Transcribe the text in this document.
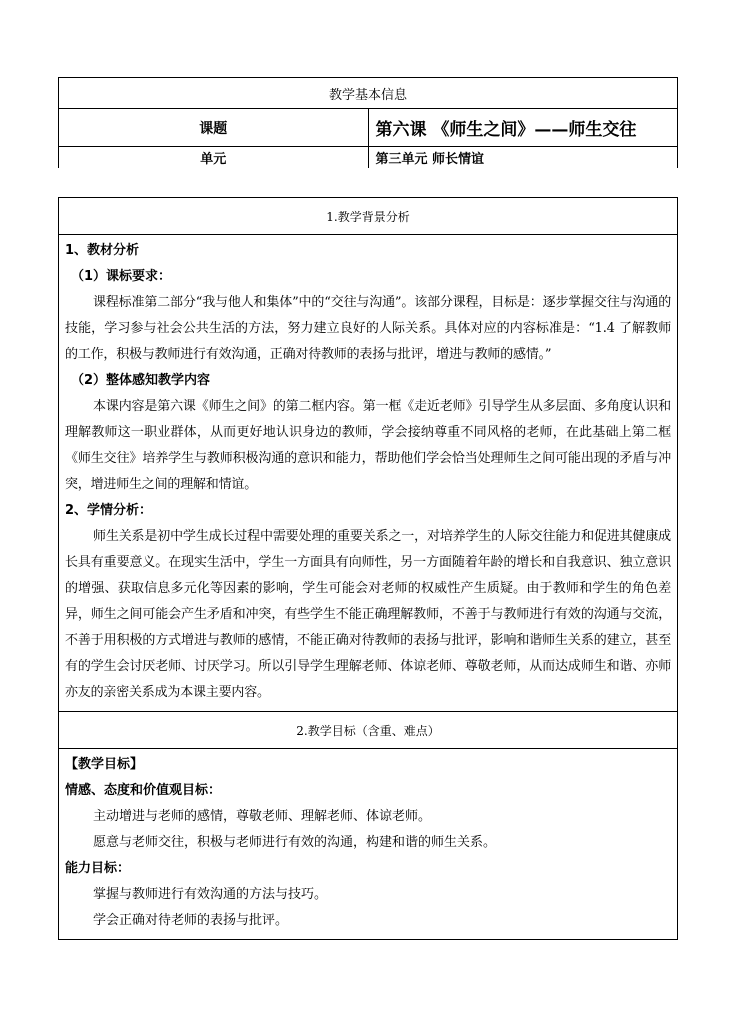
教学基本信息	
课题	第六课 《师生之间》——师生交往
单元	第三单元 师长情谊
1.教学背景分析

1、教材分析
（1）课标要求：

课程标准第二部分“我与他人和集体”中的“交往与沟通”。该部分课程，目标是：逐步掌握交往与沟通的技能，学习参与社会公共生活的方法，努力建立良好的人际关系。具体对应的内容标准是：“1.4 了解教师的工作，积极与教师进行有效沟通，正确对待教师的表扬与批评，增进与教师的感情。”

（2）整体感知教学内容

本课内容是第六课《师生之间》的第二框内容。第一框《走近老师》引导学生从多层面、多角度认识和理解教师这一职业群体，从而更好地认识身边的教师，学会接纳尊重不同风格的老师，在此基础上第二框《师生交往》培养学生与教师积极沟通的意识和能力，帮助他们学会恰当处理师生之间可能出现的矛盾与冲突，增进师生之间的理解和情谊。

2、学情分析：

师生关系是初中学生成长过程中需要处理的重要关系之一，对培养学生的人际交往能力和促进其健康成长具有重要意义。在现实生活中，学生一方面具有向师性，另一方面随着年龄的增长和自我意识、独立意识的增强、获取信息多元化等因素的影响，学生可能会对老师的权威性产生质疑。由于教师和学生的角色差异，师生之间可能会产生矛盾和冲突，有些学生不能正确理解教师，不善于与教师进行有效的沟通与交流，不善于用积极的方式增进与教师的感情，不能正确对待教师的表扬与批评，影响和谐师生关系的建立，甚至有的学生会讨厌老师、讨厌学习。所以引导学生理解老师、体谅老师、尊敬老师，从而达成师生和谐、亦师亦友的亲密关系成为本课主要内容。

2.教学目标（含重、难点）

【教学目标】
情感、态度和价值观目标：

主动增进与老师的感情，尊敬老师、理解老师、体谅老师。

愿意与老师交往，积极与老师进行有效的沟通，构建和谐的师生关系。

能力目标：

掌握与教师进行有效沟通的方法与技巧。

学会正确对待老师的表扬与批评。
